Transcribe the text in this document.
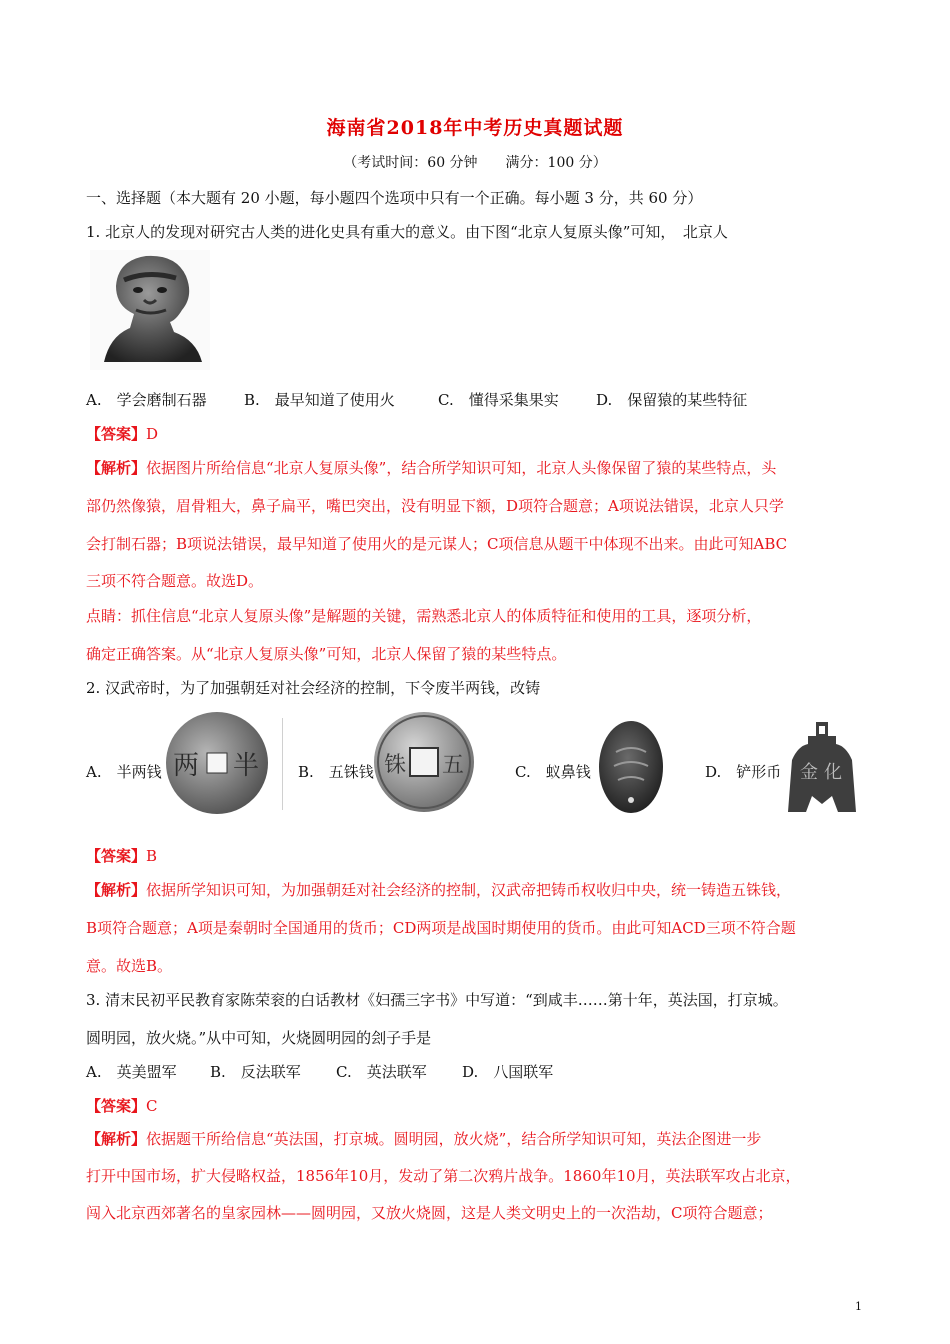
海南省2018年中考历史真题试题
（考试时间：60 分钟　　满分：100 分）
一、选择题（本大题有 20 小题，每小题四个选项中只有一个正确。每小题 3 分，共 60 分）
1. 北京人的发现对研究古人类的进化史具有重大的意义。由下图“北京人复原头像”可知，　北京人
A.　学会磨制石器 B.　最早知道了使用火	C.　懂得采集果实 D.　保留猿的某些特征
【答案】D
【解析】依据图片所给信息“北京人复原头像”，结合所学知识可知，北京人头像保留了猿的某些特点，头
部仍然像猿，眉骨粗大，鼻子扁平，嘴巴突出，没有明显下额，D项符合题意；A项说法错误，北京人只学
会打制石器；B项说法错误，最早知道了使用火的是元谋人；C项信息从题干中体现不出来。由此可知ABC
三项不符合题意。故选D。
点睛：抓住信息“北京人复原头像”是解题的关键，需熟悉北京人的体质特征和使用的工具，逐项分析，
确定正确答案。从“北京人复原头像”可知，北京人保留了猿的某些特点。
2. 汉武帝时，为了加强朝廷对社会经济的控制，下令废半两钱，改铸
A.　半两钱 两 半	B.　五铢钱	五
铢	C.　蚁鼻钱	D.　铲形币 金 化
【答案】B
【解析】依据所学知识可知，为加强朝廷对社会经济的控制，汉武帝把铸币权收归中央，统一铸造五铢钱，
B项符合题意；A项是秦朝时全国通用的货币；CD两项是战国时期使用的货币。由此可知ACD三项不符合题
意。故选B。
3. 清末民初平民教育家陈荣衮的白话教材《妇孺三字书》中写道：“到咸丰……第十年，英法国，打京城。
圆明园，放火烧。”从中可知，火烧圆明园的刽子手是
A.　英美盟军 B.　反法联军 C.　英法联军 D.　八国联军
【答案】C
【解析】依据题干所给信息“英法国，打京城。圆明园，放火烧”，结合所学知识可知，英法企图进一步
打开中国市场，扩大侵略权益，1856年10月，发动了第二次鸦片战争。1860年10月，英法联军攻占北京，
闯入北京西郊著名的皇家园林——圆明园，又放火烧圆，这是人类文明史上的一次浩劫，C项符合题意；
1
